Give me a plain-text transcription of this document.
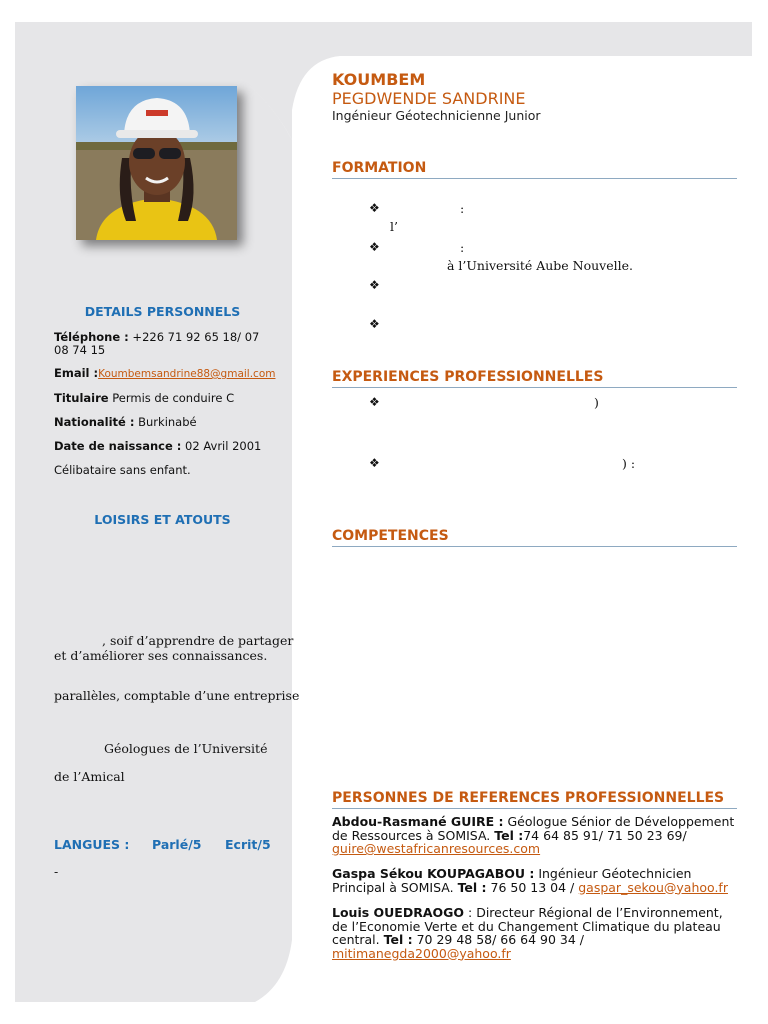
DETAILS PERSONNELS
Téléphone : +226 71 92 65 18/ 07 08 74 15
Email :Koumbemsandrine88@gmail.com
Titulaire Permis de conduire C
Nationalité : Burkinabé
Date de naissance : 02 Avril 2001
Célibataire sans enfant.
LOISIRS ET ATOUTS
, soif d’apprendre de partager
et d’améliorer ses connaissances.
parallèles, comptable d’une entreprise
Géologues de l’Université
de l’Amical
LANGUES : Parlé/5 Ecrit/5
-
KOUMBEM
PEGDWENDE SANDRINE
Ingénieur Géotechnicienne Junior
FORMATION
❖	:
l’
❖	:
à l’Université Aube Nouvelle.
❖
❖
EXPERIENCES PROFESSIONNELLES
❖	)
❖	) :
COMPETENCES
PERSONNES DE REFERENCES PROFESSIONNELLES
Abdou-Rasmané GUIRE : Géologue Sénior de Développement de Ressources à SOMISA. Tel :74 64 85 91/ 71 50 23 69/
guire@westafricanresources.com
Gaspa Sékou KOUPAGABOU : Ingénieur Géotechnicien Principal à SOMISA. Tel : 76 50 13 04 / gaspar_sekou@yahoo.fr
Louis OUEDRAOGO : Directeur Régional de l’Environnement, de l’Economie Verte et du Changement Climatique du plateau central. Tel : 70 29 48 58/ 66 64 90 34 /
mitimanegda2000@yahoo.fr
